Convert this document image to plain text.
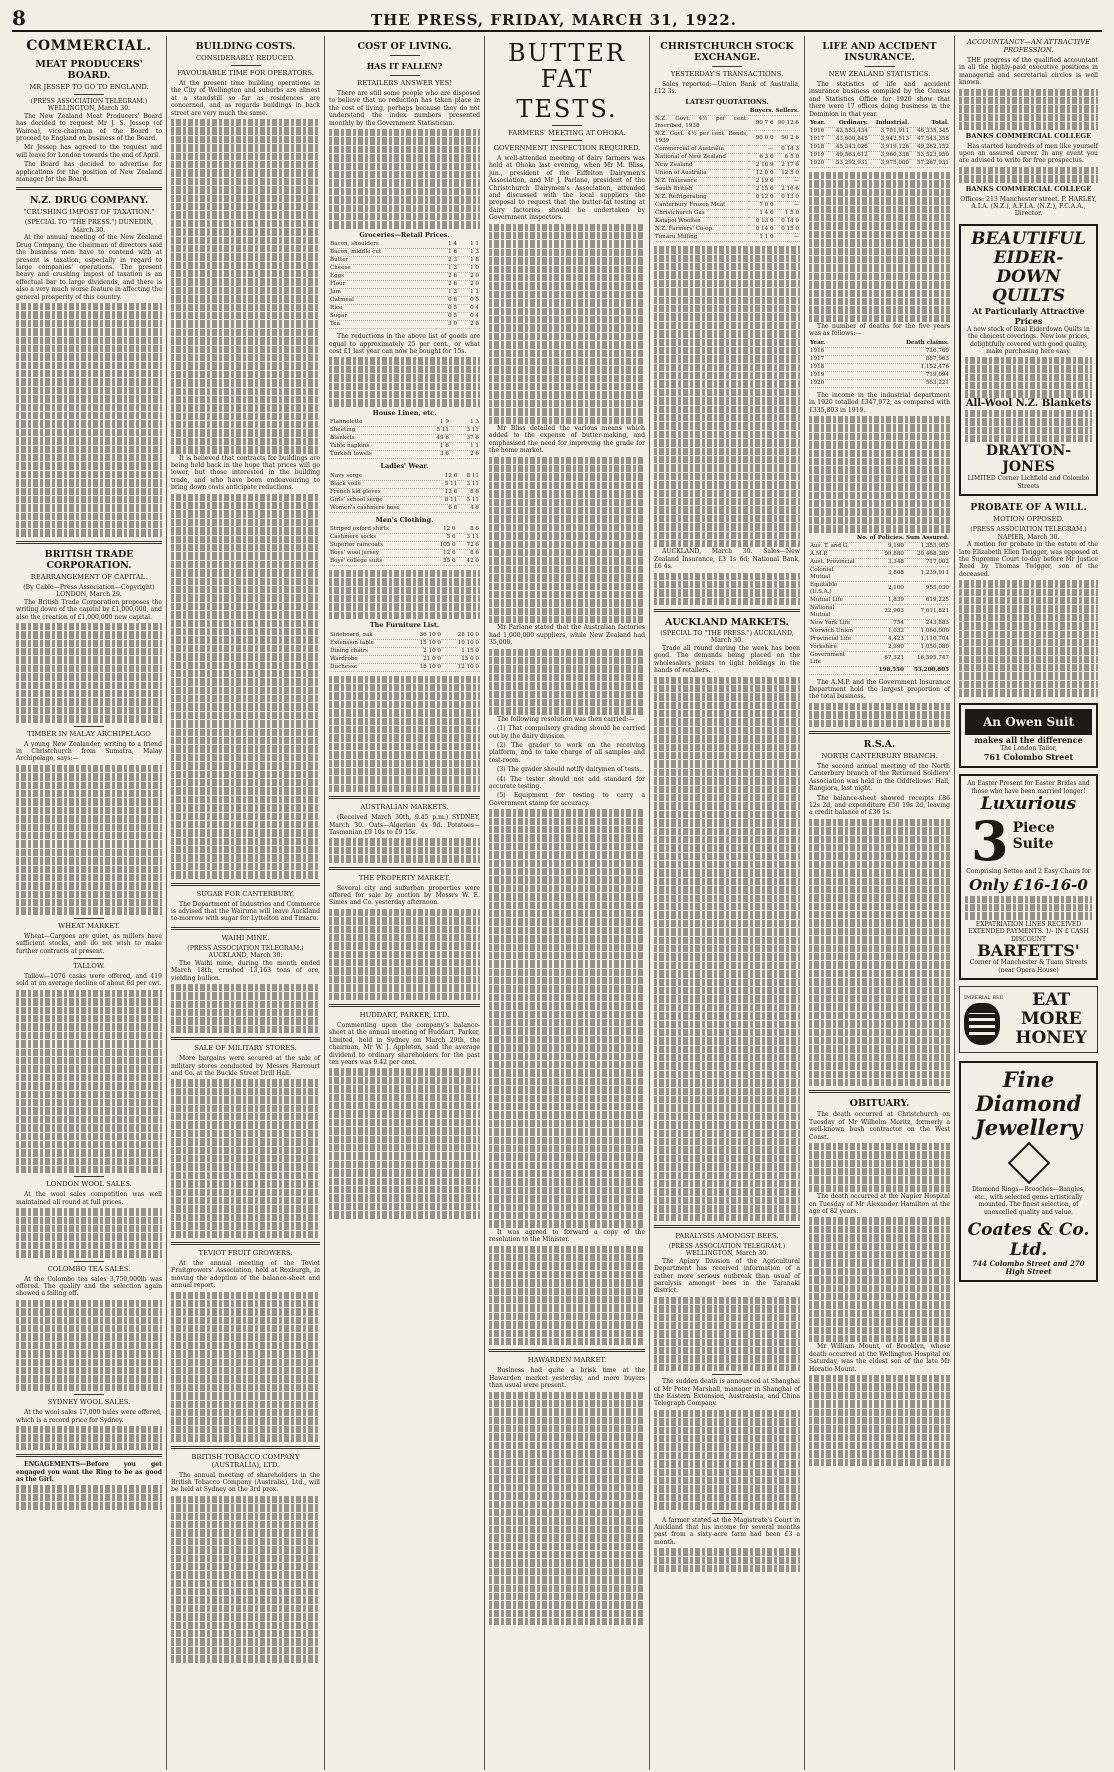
8	THE PRESS, FRIDAY, MARCH 31, 1922.
COMMERCIAL.
MEAT PRODUCERS' BOARD.
MR JESSEP TO GO TO ENGLAND.

(PRESS ASSOCIATION TELEGRAM.) WELLINGTON, March 30.

The New Zealand Meat Producers' Board has decided to request Mr J. S. Jessep (of Wairoa), vice-chairman of the Board to proceed to England on business of the Board.

Mr Jessep has agreed to the request and will leave for London towards the end of April.

The Board has decided to advertise for applications for the position of New Zealand manager for the Board.

N.Z. DRUG COMPANY.
"CRUSHING IMPOST OF TAXATION."

(SPECIAL TO "THE PRESS.") DUNEDIN, March 30.

At the annual meeting of the New Zealand Drug Company, the chairman of directors said the business men have to contend with at present is taxation, especially in regard to large companies' operations. The present heavy and crushing impost of taxation is an effectual bar to large dividends, and there is also a very much worse feature in affecting the general prosperity of this country.

BRITISH TRADE CORPORATION.
REARRANGEMENT OF CAPITAL.

(By Cable—Press Association—Copyright) LONDON, March 29.

The British Trade Corporation proposes the writing down of the capital by £1,000,000, and also the creation of £1,000,000 new capital.

TIMBER IN MALAY ARCHIPELAGO

A young New Zealander, writing to a friend in Christchurch from Sumatra, Malay Archipelago, says:—

WHEAT MARKET.

Wheat—Cargoes are quiet, as millers have sufficient stocks, and do not wish to make further contracts at present.

TALLOW.

Tallow—1076 casks were offered, and 419 sold at an average decline of about 6d per cwt.

LONDON WOOL SALES.

At the wool sales competition was well maintained all round at full prices.

COLOMBO TEA SALES.

At the Colombo tea sales 3,750,000lb was offered. The quality and the selection again showed a falling off.

SYDNEY WOOL SALES.

At the wool sales 17,000 bales were offered, which is a record price for Sydney.

ENGAGEMENTS—Before you get engaged you want the Ring to be as good as the Girl.

BUILDING COSTS.
CONSIDERABLY REDUCED.
FAVOURABLE TIME FOR OPERATORS.

At the present time building operations in the City of Wellington and suburbs are almost at a standstill so far as residences are concerned, and as regards buildings in back street are very much the same.

It is believed that contracts for buildings are being held back in the hope that prices will go lower, but those interested in the building trade, and who have been endeavouring to bring down costs anticipate reductions.

SUGAR FOR CANTERBURY.

The Department of Industries and Commerce is advised that the Wairuna will leave Auckland to-morrow with sugar for Lyttelton and Timaru.

WAIHI MINE.

(PRESS ASSOCIATION TELEGRAM.) AUCKLAND, March 30.

The Waihi mine, during the month ended March 18th, crushed 13,163 tons of ore, yielding bullion.

SALE OF MILITARY STORES.

More bargains were secured at the sale of military stores conducted by Messrs Harcourt and Co. at the Buckle Street Drill Hall.

TEVIOT FRUIT GROWERS.

At the annual meeting of the Teviot Fruitgrowers' Association, held at Roxburgh, in moving the adoption of the balance-sheet and annual report.

BRITISH TOBACCO COMPANY (AUSTRALIA), LTD.

The annual meeting of shareholders in the British Tobacco Company (Australia), Ltd., will be held at Sydney on the 3rd prox.

COST OF LIVING.
HAS IT FALLEN?
RETAILERS ANSWER YES!

There are still some people who are disposed to believe that no reduction has taken place in the cost of living, perhaps because they do not understand the index numbers presented monthly by the Government Statistician.

Groceries—Retail Prices.
Bacon, shoulders	1 4	1 1
Bacon, middle cut	1 6	1 3
Butter	2 3	1 8
Cheese	1 3	1 0
Eggs	2 6	2 0
Flour	2 6	2 0
Jam	1 3	1 1
Oatmeal	0 6	0 5
Rice	0 5	0 4
Sugar	0 5	0 4
Tea	3 0	2 8

The reductions in the above list of goods are equal to approximately 25 per cent., or what cost £1 last year can now be bought for 15s.

House Linen, etc.
Flannelette	1 9	1 3
Sheeting	5 11	3 11
Blankets	49 6	37 6
Table napkins	1 6	1 1
Turkish towels	3 6	2 6
Ladies' Wear.
Navy serge	12 6	8 11
Black voile	5 11	3 11
French kid gloves	12 6	8 6
Girls' school serge	8 11	5 11
Women's cashmere hose	6 6	4 6
Men's Clothing.
Striped oxford shirts	12 6	8 6
Cashmere socks	5 6	3 11
Superior raincoats	105 0	72 6
Boys' wool jersey	12 6	8 6
Boys' college suits	55 0	42 0
The Furniture List.
Sideboard, oak	36 10 0	28 10 0
Extension table	15 10 0	10 10 0
Dining chairs	2 10 0	1 15 0
Wardrobe	21 0 0	15 0 0
Duchesse	18 10 0	12 10 0
AUSTRALIAN MARKETS.

(Received March 30th, 9.45 p.m.) SYDNEY, March 30. Oats—Algerian 4s 9d. Potatoes—Tasmanian £9 10s to £9 15s.

THE PROPERTY MARKET.

Several city and suburban properties were offered for sale by auction by Messrs W. E. Simes and Co. yesterday afternoon.

HUDDART, PARKER, LTD.

Commenting upon the company's balance-sheet at the annual meeting of Huddart, Parker, Limited, held in Sydney on March 29th, the chairman, Mr W. J. Appleton, said the average dividend to ordinary shareholders for the past ten years was 9.42 per cent.

BUTTER FAT
TESTS.
FARMERS' MEETING AT OHOKA.
GOVERNMENT INSPECTION REQUIRED.

A well-attended meeting of dairy farmers was held at Ohoka last evening, when Mr M. Bliss, jun., president of the Eiffelton Dairymen's Association, and Mr J. Parlane, president of the Christchurch Dairymen's Association, attended and discussed with the local suppliers the proposal to request that the butter-fat testing at dairy factories should be undertaken by Government inspectors.

Mr Bliss detailed the various means which added to the expense of butter-making, and emphasised the need for improving the grade for the home market.

Mr Parlane stated that the Australian factories had 1,000,000 suppliers, while New Zealand had 35,000.

The following resolution was then carried:—

(1) That compulsory grading should be carried out by the dairy division.

(2) The grader to work on the receiving platform, and to take charge of all samples and test-room.

(3) The grader should notify dairymen of tests.

(4) The tester should not add standard for accurate testing.

(5) Equipment for testing to carry a Government stamp for accuracy.

It was agreed to forward a copy of the resolution to the Minister.

HAWARDEN MARKET.

Business had quite a brisk time at the Hawarden market yesterday, and more buyers than usual were present.

CHRISTCHURCH STOCK EXCHANGE.
YESTERDAY'S TRANSACTIONS.

Sales reported:—Union Bank of Australia, £12 3s.

LATEST QUOTATIONS.
	Buyers.	Sellers.
N.Z. Govt. 4½ per cent. Inscribed, 1938	90 7 6	90 12 6
N.Z. Govt. 4½ per cent. Bonds, 1939	90 0 0	90 2 6
Commercial of Australia	—	0 14 3
National of New Zealand	6 3 6	6 5 0
New Zealand	2 16 9	2 17 6
Union of Australia	12 0 0	12 5 0
N.Z. Insurance	2 19 6	—
South British	2 15 6	2 16 6
N.Z. Refrigerating	0 12 0	0 13 0
Canterbury Frozen Meat	7 0 0	—
Christchurch Gas	1 4 6	1 5 0
Kaiapoi Woollen	0 13 0	0 14 0
N.Z. Farmers' Co-op.	0 14 0	0 15 0
Timaru Milling	1 1 0	—

AUCKLAND, March 30. Sales—New Zealand Insurance, £3 1s 6d; National Bank, £6 4s.

AUCKLAND MARKETS.

(SPECIAL TO "THE PRESS.") AUCKLAND, March 30.

Trade all round during the week has been good. The demands being placed on the wholesalers points to light holdings in the hands of retailers.

PARALYSIS AMONGST BEES.

(PRESS ASSOCIATION TELEGRAM.) WELLINGTON, March 30.

The Apiary Division of the Agricultural Department has received information of a rather more serious outbreak than usual of paralysis amongst bees in the Taranaki district.

The sudden death is announced at Shanghai of Mr Peter Marshall, manager in Shanghai of the Eastern Extension, Australasia, and China Telegraph Company.

A farmer stated at the Magistrate's Court in Auckland that his income for several months past from a sixty-acre farm had been £3 a month.

LIFE AND ACCIDENT INSURANCE.
NEW ZEALAND STATISTICS.

The statistics of life and accident insurance business compiled by the Census and Statistics Office for 1920 show that there were 17 offices doing business in the Dominion in that year.

Year.	Ordinary.	Industrial.	Total.
1916	42,553,434	3,781,911	46,335,345
1917	43,600,845	3,942,513	47,543,358
1918	45,343,026	3,919,126	49,262,152
1919	49,563,612	3,960,338	53,523,950
1920	53,292,931	3,975,000	57,267,931

The number of deaths for the five years was as follows:—

Year.	Death claims.
1916	726,769
1917	887,963
1918	1,152,476
1919	719,094
1920	563,221

The income in the industrial department in 1920 totalled £347,972, as compared with £335,803 in 1919.

	No. of Policies.	Sum Assured.
Aus. T. and G.	9,190	1,355,955
A.M.P.	99,880	20,468,380
Aust. Provincial	3,348	717,002
Colonial Mutual	3,808	1,239,911
Equitable (U.S.A.)	2,100	955,030
Mutual Life	1,839	619,225
National Mutual	22,903	7,611,821
New York Life	754	243,883
Norwich Union	1,032	1,060,000
Provincial Life	4,423	1,110,704
Yorkshire	2,990	1,050,080
Government Life	67,321	16,595,747
	198,550	53,200,805

The A.M.P. and the Government Insurance Department hold the largest proportion of the total business.

R.S.A.
NORTH CANTERBURY BRANCH.

The second annual meeting of the North Canterbury branch of the Returned Soldiers' Association was held in the Oddfellows' Hall, Rangiora, last night.

The balance-sheet showed receipts £86 12s 2d, and expenditure £50 19s 2d, leaving a credit balance of £36 1s.

OBITUARY.

The death occurred at Christchurch on Tuesday of Mr Wilhelm Moritz, formerly a well-known bush contractor on the West Coast.

The death occurred at the Napier Hospital on Tuesday of Mr Alexander Hamilton at the age of 82 years.

Mr William Mount, of Brooklyn, whose death occurred at the Wellington Hospital on Saturday, was the eldest son of the late Mr Horatio Mount.

ACCOUNTANCY—AN ATTRACTIVE PROFESSION.

THE progress of the qualified accountant in all the highly-paid executive positions in managerial and secretarial circles is well known.

BANKS COMMERCIAL COLLEGE

Has started hundreds of men like yourself upon an assured career. In any event you are advised to write for free prospectus.

BANKS COMMERCIAL COLLEGE

Offices: 213 Manchester street. P. HARLEY, A.I.A. (N.Z.), A.F.I.A. (N.Z.), F.C.A.A., Director.

BEAUTIFUL
EIDER-DOWN
QUILTS
At Particularly Attractive Prices

A new stock of Real Eiderdown Quilts in the choicest coverings. New low prices, delightfully covered with good quality, make purchasing here easy.

All-Wool N.Z. Blankets
DRAYTON-JONES
LIMITED Corner Lichfield and Colombo Streets
PROBATE OF A WILL.
MOTION OPPOSED.

(PRESS ASSOCIATION TELEGRAM.) NAPIER, March 30.

A motion for probate in the estate of the late Elizabeth Ellen Twigger, was opposed at the Supreme Court to-day before Mr Justice Reed by Thomas Twigger, son of the deceased.

An Owen Suit
makes all the difference
The London Tailor,
761 Colombo Street
An Easter Present for Easter Brides and those who have been married longer!
Luxurious
3 Piece
Suite
Comprising Settee and 2 Easy Chairs for
Only £16-16-0
EXPATRIATION LINES RECEIVED EXTENDED PAYMENTS. 1/- IN £ CASH DISCOUNT
BARFETTS'
Corner of Manchester & Tuam Streets (near Opera House)
IMPERIAL BEE	EAT
MORE
HONEY
Fine Diamond
Jewellery

Diamond Rings—Brooches—Bangles, etc., with selected gems artistically mounted. The finest selection, of unexcelled quality and value.

Coates & Co. Ltd.
744 Colombo Street and 270 High Street
